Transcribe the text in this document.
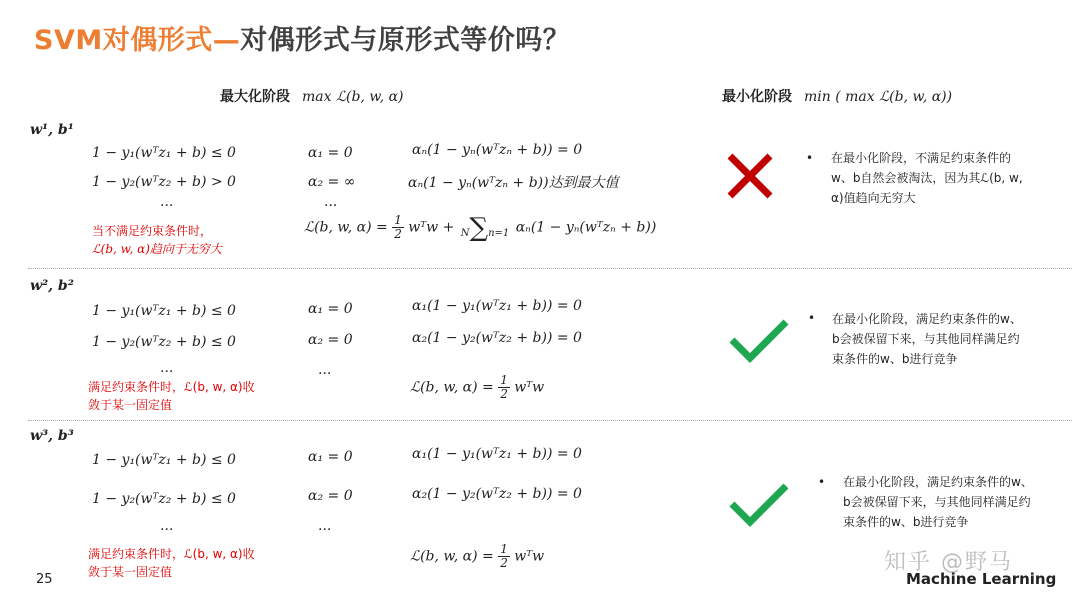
SVM对偶形式—对偶形式与原形式等价吗？
最大化阶段 max ℒ(b, w, α)	最小化阶段 min ( max ℒ(b, w, α))
w¹, b¹
1 − y₁(wᵀz₁ + b) ≤ 0
1 − y₂(wᵀz₂ + b) > 0
...
α₁ = 0
α₂ = ∞
...
αₙ(1 − yₙ(wᵀzₙ + b)) = 0
αₙ(1 − yₙ(wᵀzₙ + b))达到最大值
ℒ(b, w, $\alpha) = \frac{1}{2}$ wᵀw + N∑n=1 αₙ(1 − yₙ(wᵀzₙ + b))
当不满足约束条件时，
ℒ(b, w, α)趋向于无穷大
• 在最小化阶段，不满足约束条件的w、b自然会被淘汰，因为其ℒ(b, w, α)值趋向无穷大
w², b²
1 − y₁(wᵀz₁ + b) ≤ 0
1 − y₂(wᵀz₂ + b) ≤ 0
...
α₁ = 0
α₂ = 0
...
α₁(1 − y₁(wᵀz₁ + b)) = 0
α₂(1 − y₂(wᵀz₂ + b)) = 0
ℒ(b, w, $\alpha) = \frac{1}{2}$ wᵀw
满足约束条件时，ℒ(b, w, α)收
敛于某一固定值
• 在最小化阶段，满足约束条件的w、b会被保留下来，与其他同样满足约束条件的w、b进行竞争
w³, b³
1 − y₁(wᵀz₁ + b) ≤ 0
1 − y₂(wᵀz₂ + b) ≤ 0
...
α₁ = 0
α₂ = 0
...
α₁(1 − y₁(wᵀz₁ + b)) = 0
α₂(1 − y₂(wᵀz₂ + b)) = 0
ℒ(b, w, $\alpha) = \frac{1}{2}$ wᵀw
满足约束条件时，ℒ(b, w, α)收
敛于某一固定值
• 在最小化阶段，满足约束条件的w、b会被保留下来，与其他同样满足约束条件的w、b进行竞争
25
知乎 @野马
Machine Learning
